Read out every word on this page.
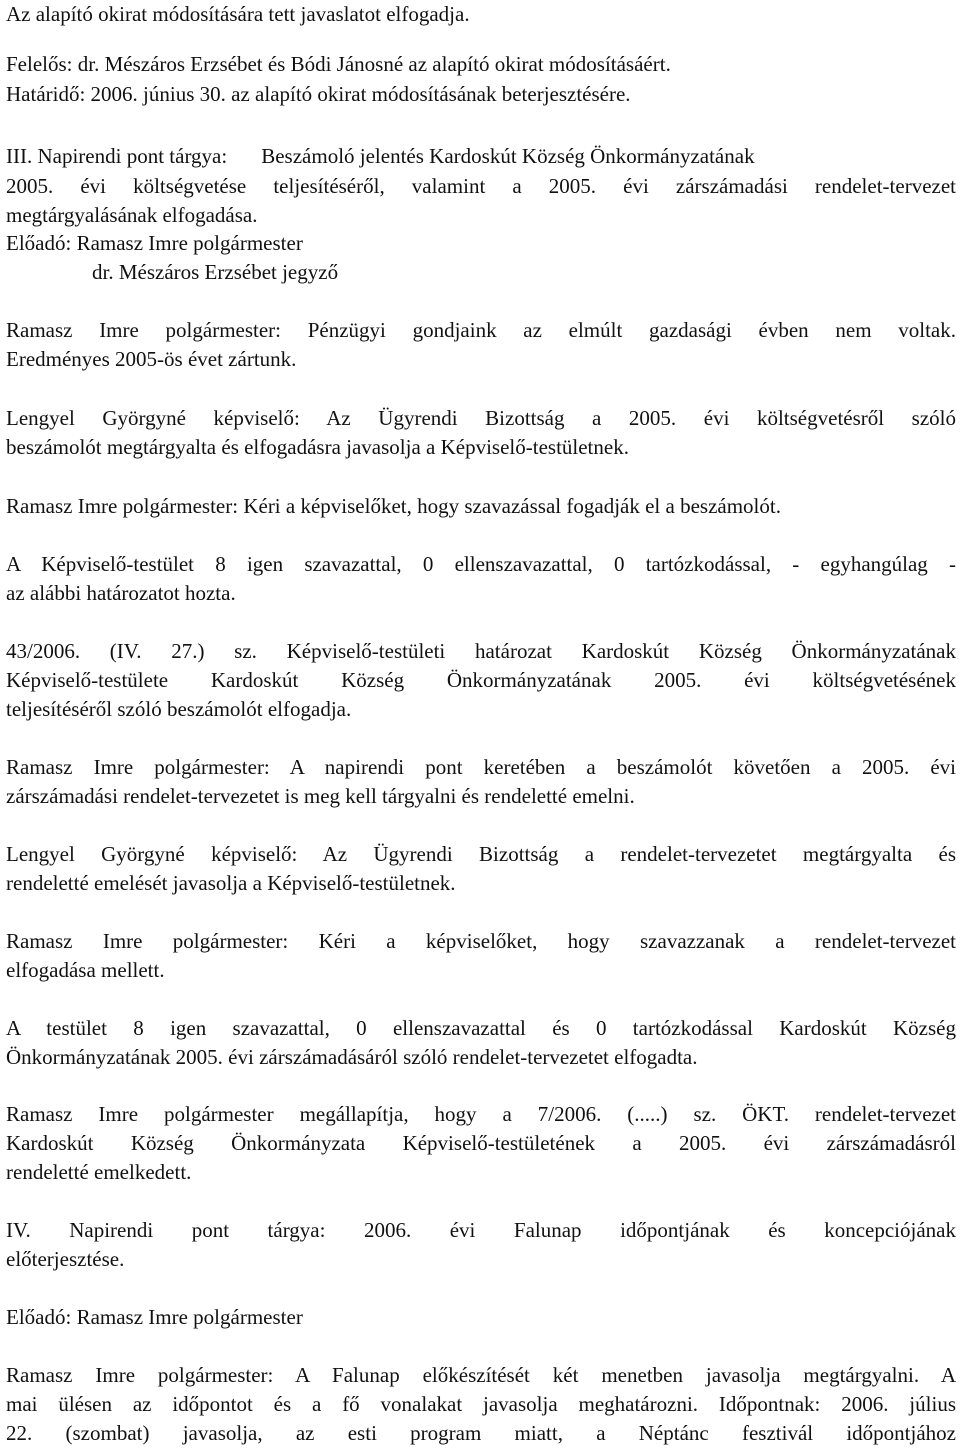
Az alapító okirat módosítására tett javaslatot elfogadja.
Felelős: dr. Mészáros Erzsébet és Bódi Jánosné az alapító okirat módosításáért.
Határidő: 2006. június 30. az alapító okirat módosításának beterjesztésére.
III. Napirendi pont tárgya: Beszámoló jelentés Kardoskút Község Önkormányzatának
2005. évi költségvetése teljesítéséről, valamint a 2005. évi zárszámadási rendelet-tervezet
megtárgyalásának elfogadása.
Előadó: Ramasz Imre polgármester
dr. Mészáros Erzsébet jegyző
Ramasz Imre polgármester: Pénzügyi gondjaink az elmúlt gazdasági évben nem voltak.
Eredményes 2005-ös évet zártunk.
Lengyel Györgyné képviselő: Az Ügyrendi Bizottság a 2005. évi költségvetésről szóló
beszámolót megtárgyalta és elfogadásra javasolja a Képviselő-testületnek.
Ramasz Imre polgármester: Kéri a képviselőket, hogy szavazással fogadják el a beszámolót.
A Képviselő-testület 8 igen szavazattal, 0 ellenszavazattal, 0 tartózkodással, - egyhangúlag -
az alábbi határozatot hozta.
43/2006. (IV. 27.) sz. Képviselő-testületi határozat Kardoskút Község Önkormányzatának
Képviselő-testülete Kardoskút Község Önkormányzatának 2005. évi költségvetésének
teljesítéséről szóló beszámolót elfogadja.
Ramasz Imre polgármester: A napirendi pont keretében a beszámolót követően a 2005. évi
zárszámadási rendelet-tervezetet is meg kell tárgyalni és rendeletté emelni.
Lengyel Györgyné képviselő: Az Ügyrendi Bizottság a rendelet-tervezetet megtárgyalta és
rendeletté emelését javasolja a Képviselő-testületnek.
Ramasz Imre polgármester: Kéri a képviselőket, hogy szavazzanak a rendelet-tervezet
elfogadása mellett.
A testület 8 igen szavazattal, 0 ellenszavazattal és 0 tartózkodással Kardoskút Község
Önkormányzatának 2005. évi zárszámadásáról szóló rendelet-tervezetet elfogadta.
Ramasz Imre polgármester megállapítja, hogy a 7/2006. (.....) sz. ÖKT. rendelet-tervezet
Kardoskút Község Önkormányzata Képviselő-testületének a 2005. évi zárszámadásról
rendeletté emelkedett.
IV. Napirendi pont tárgya: 2006. évi Falunap időpontjának és koncepciójának
előterjesztése.
Előadó: Ramasz Imre polgármester
Ramasz Imre polgármester: A Falunap előkészítését két menetben javasolja megtárgyalni. A
mai ülésen az időpontot és a fő vonalakat javasolja meghatározni. Időpontnak: 2006. július
22. (szombat) javasolja, az esti program miatt, a Néptánc fesztivál időpontjához
